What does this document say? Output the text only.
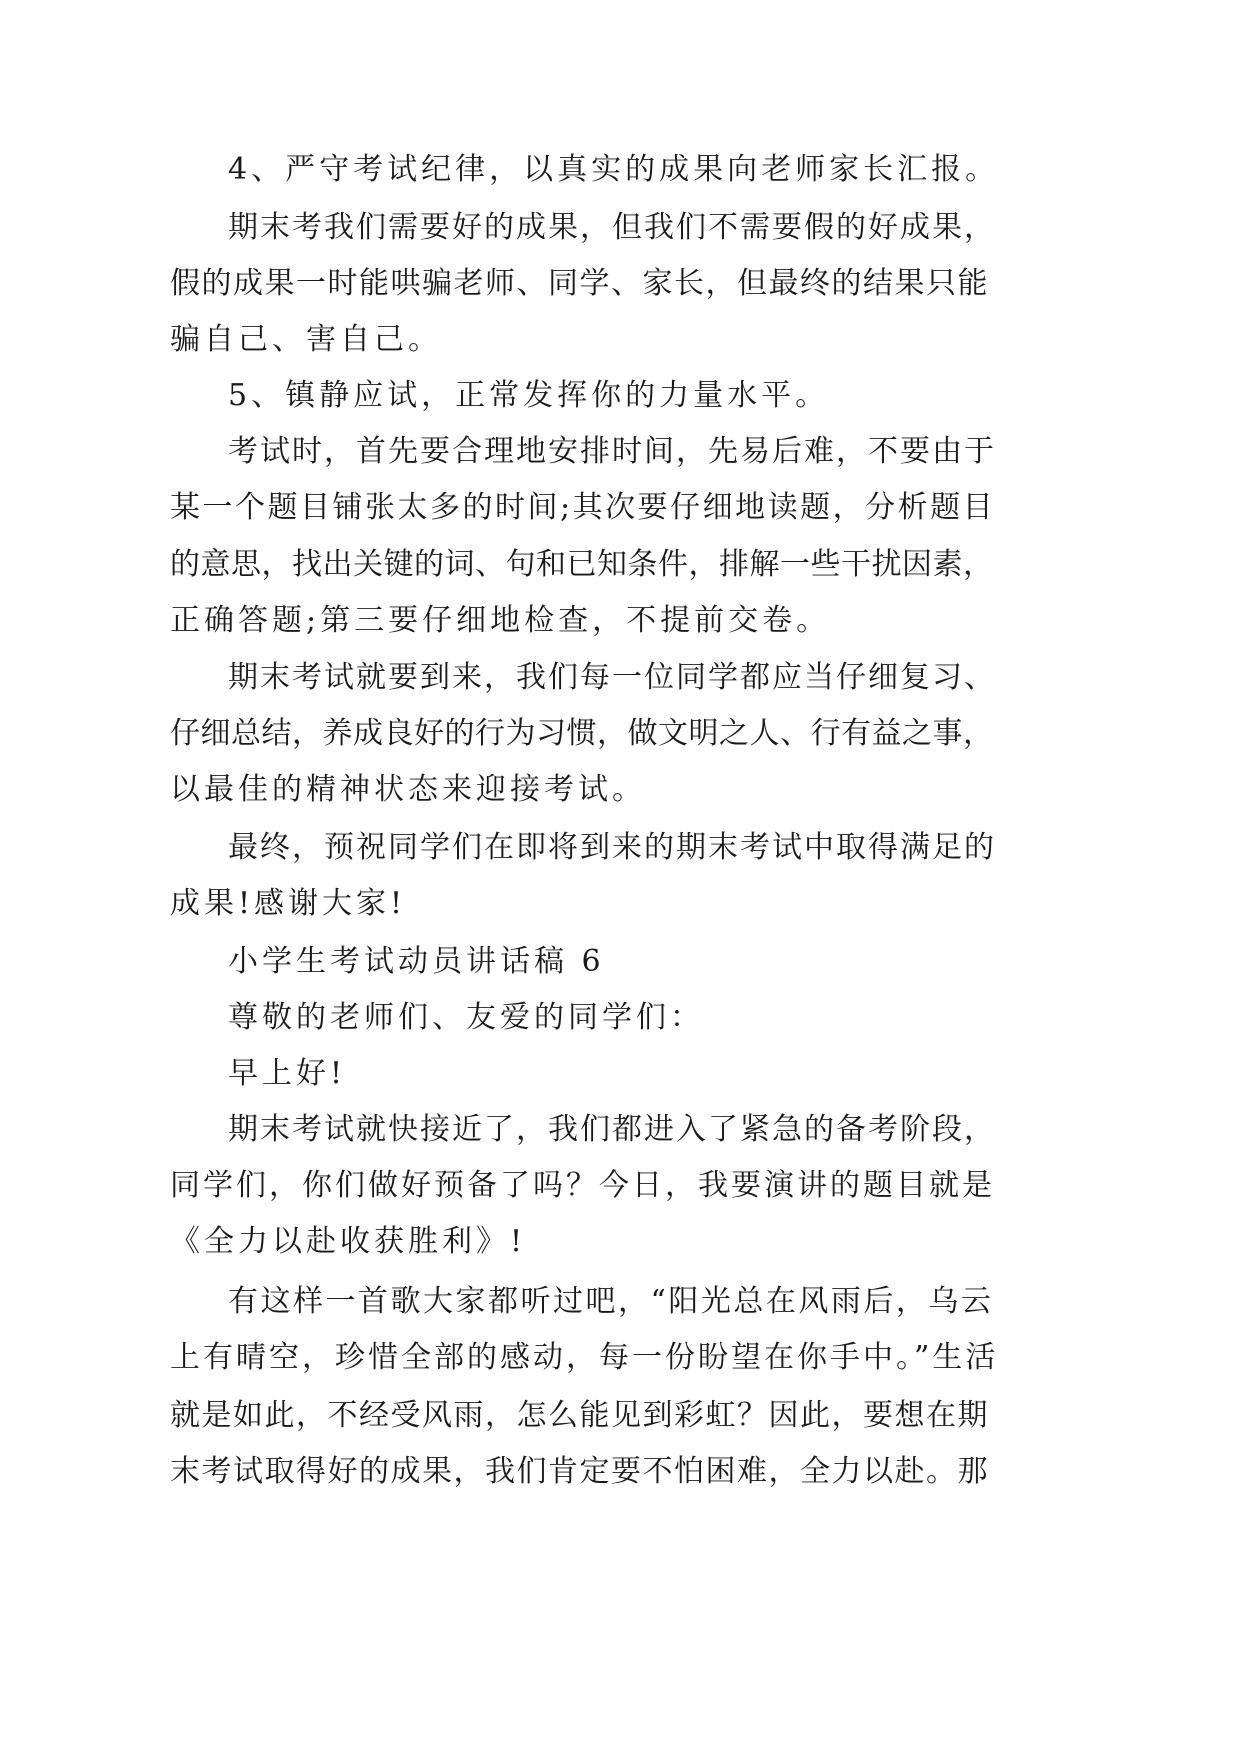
4、严守考试纪律，以真实的成果向老师家长汇报。
期末考我们需要好的成果，但我们不需要假的好成果，
假的成果一时能哄骗老师、同学、家长，但最终的结果只能
骗自己、害自己。
5、镇静应试，正常发挥你的力量水平。
考试时，首先要合理地安排时间，先易后难，不要由于
某一个题目铺张太多的时间;其次要仔细地读题，分析题目
的意思，找出关键的词、句和已知条件，排解一些干扰因素，
正确答题;第三要仔细地检查，不提前交卷。
期末考试就要到来，我们每一位同学都应当仔细复习、
仔细总结，养成良好的行为习惯，做文明之人、行有益之事，
以最佳的精神状态来迎接考试。
最终，预祝同学们在即将到来的期末考试中取得满足的
成果!感谢大家!
小学生考试动员讲话稿 6
尊敬的老师们、友爱的同学们：
早上好!
期末考试就快接近了，我们都进入了紧急的备考阶段，
同学们，你们做好预备了吗？今日，我要演讲的题目就是
《全力以赴收获胜利》!
有这样一首歌大家都听过吧，“阳光总在风雨后，乌云
上有晴空，珍惜全部的感动，每一份盼望在你手中。”生活
就是如此，不经受风雨，怎么能见到彩虹？因此，要想在期
末考试取得好的成果，我们肯定要不怕困难，全力以赴。那
